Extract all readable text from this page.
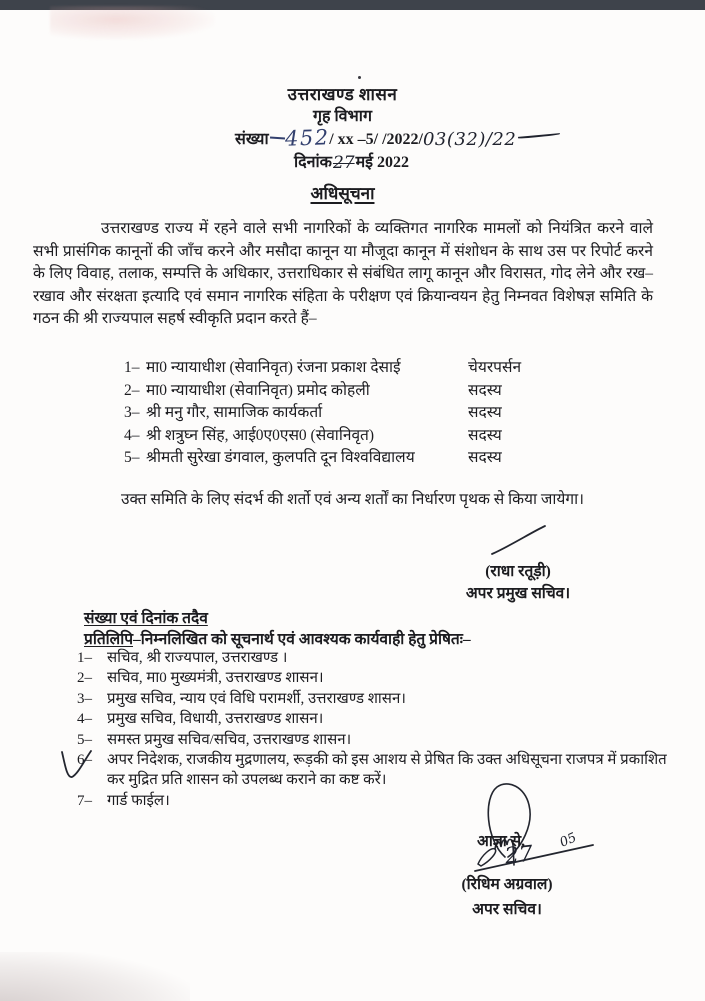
उत्तराखण्ड शासन
गृह विभाग
संख्या 452/ xx –5/ /2022/03(32)/22
दिनांक27मई 2022
अधिसूचना
उत्तराखण्ड राज्य में रहने वाले सभी नागरिकों के व्यक्तिगत नागरिक मामलों को नियंत्रित करने वाले सभी प्रासंगिक कानूनों की जाँच करने और मसौदा कानून या मौजूदा कानून में संशोधन के साथ उस पर रिपोर्ट करने के लिए विवाह, तलाक, सम्पत्ति के अधिकार, उत्तराधिकार से संबंधित लागू कानून और विरासत, गोद लेने और रख–रखाव और संरक्षता इत्यादि एवं समान नागरिक संहिता के परीक्षण एवं क्रियान्वयन हेतु निम्नवत विशेषज्ञ समिति के गठन की श्री राज्यपाल सहर्ष स्वीकृति प्रदान करते हैं–
1– मा0 न्यायाधीश (सेवानिवृत) रंजना प्रकाश देसाई	चेयरपर्सन
2– मा0 न्यायाधीश (सेवानिवृत) प्रमोद कोहली	सदस्य
3– श्री मनु गौर, सामाजिक कार्यकर्ता	सदस्य
4– श्री शत्रुघ्न सिंह, आई0ए0एस0 (सेवानिवृत)	सदस्य
5– श्रीमती सुरेखा डंगवाल, कुलपति दून विश्वविद्यालय	सदस्य
उक्त समिति के लिए संदर्भ की शर्तो एवं अन्य शर्तों का निर्धारण पृथक से किया जायेगा।
(राधा रतूड़ी)
अपर प्रमुख सचिव।
संख्या एवं दिनांक तदैव
प्रतिलिपि–निम्नलिखित को सूचनार्थ एवं आवश्यक कार्यवाही हेतु प्रेषितः–
1–	सचिव, श्री राज्यपाल, उत्तराखण्ड ।
2–	सचिव, मा0 मुख्यमंत्री, उत्तराखण्ड शासन।
3–	प्रमुख सचिव, न्याय एवं विधि परामर्शी, उत्तराखण्ड शासन।
4–	प्रमुख सचिव, विधायी, उत्तराखण्ड शासन।
5–	समस्त प्रमुख सचिव/सचिव, उत्तराखण्ड शासन।
6–	अपर निदेशक, राजकीय मुद्रणालय, रूड़की को इस आशय से प्रेषित कि उक्त अधिसूचना राजपत्र में प्रकाशित कर मुद्रित प्रति शासन को उपलब्ध कराने का कष्ट करें।
7–	गार्ड फाईल।
27
05
आज्ञा से,
(रिधिम अग्रवाल)
अपर सचिव।
